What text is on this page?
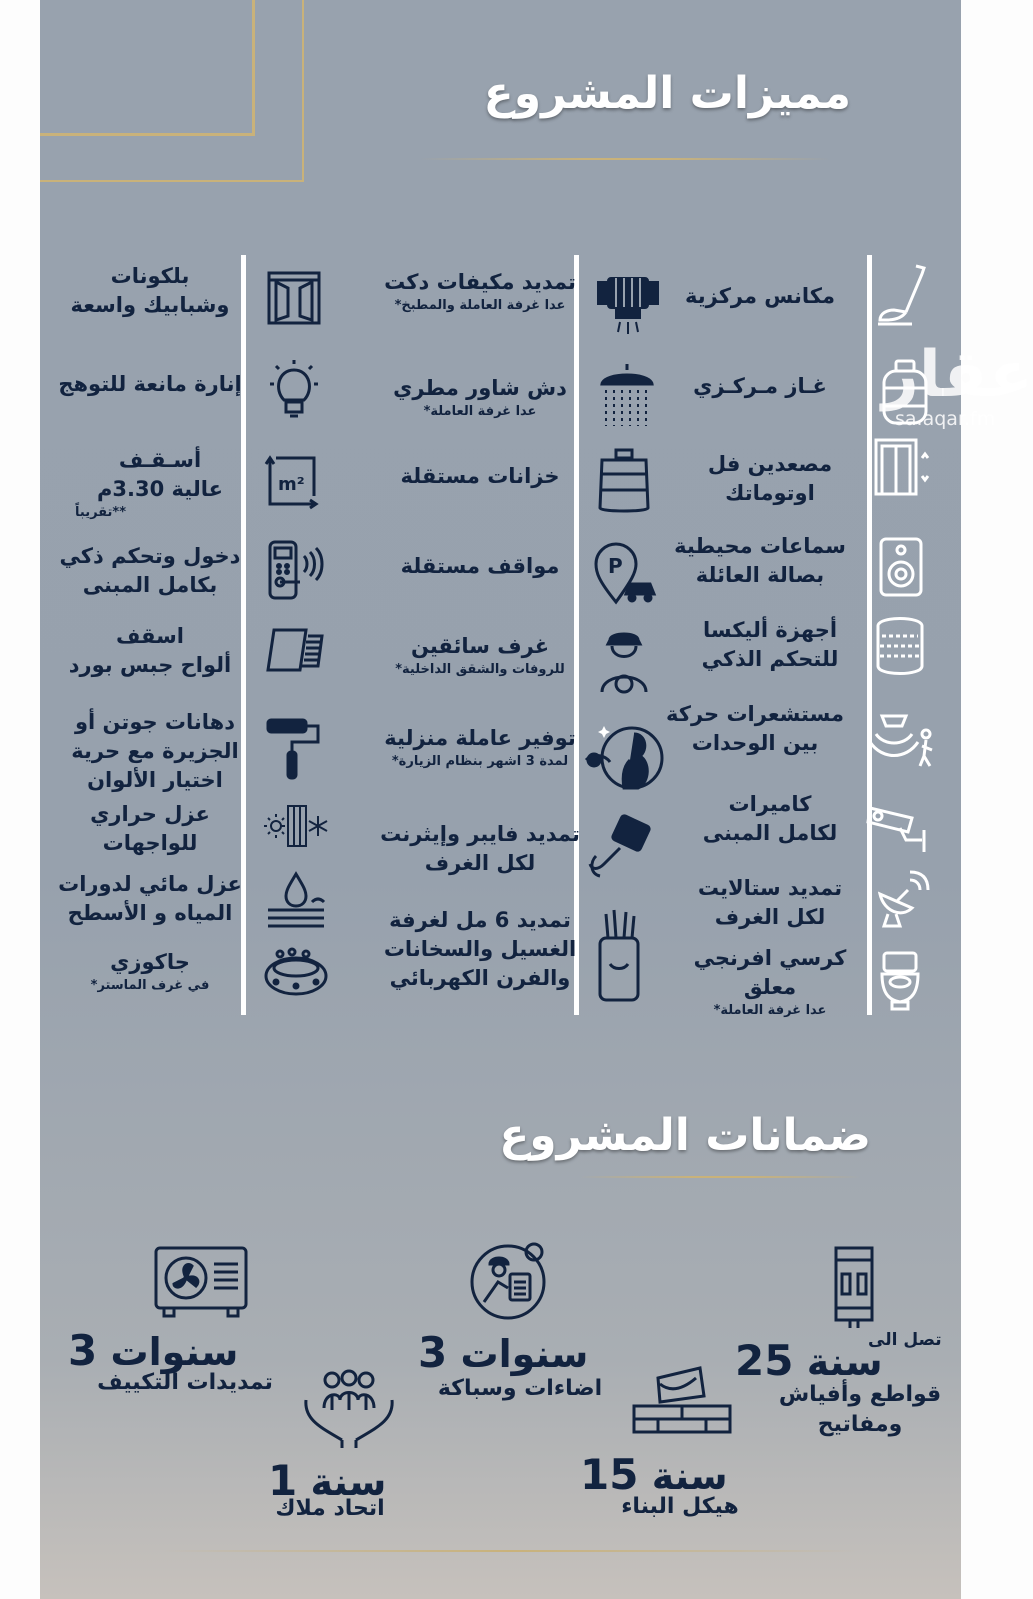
مميزات المشروع
عقار
sa.aqar.fm
مكانس مركزية
غـاز مـركـزي
مصعدين فل
اوتوماتك
سماعات محيطية
بصالة العائلة
أجهزة أليكسا
للتحكم الذكي
مستشعرات حركة
بين الوحدات
كاميرات
لكامل المبنى
تمديد ستالايت
لكل الغرف
كرسي افرنجي
معلق
عدا غرفة العاملة*
تمديد مكيفات دكت
عدا غرفة العاملة والمطبخ*
دش شاور مطري
عدا غرفة العاملة*
خزانات مستقلة
P
مواقف مستقلة
غرف سائقين
للروفات والشقق الداخلية*
توفير عاملة منزلية
لمدة 3 اشهر بنظام الزيارة*
تمديد فايبر وإيثرنت
لكل الغرف
تمديد 6 مل لغرفة
الغسيل والسخانات
والفرن الكهربائي
بلكونات
وشبابيك واسعة
إنارة مانعة للتوهج
m²
أسـقـف
عالية 3.30م
**تقريباً
دخول وتحكم ذكي
بكامل المبنى
اسقف
ألواح جبس بورد
دهانات جوتن أو
الجزيرة مع حرية
اختيار الألوان
عزل حراري
للواجهات
عزل مائي لدورات
المياه و الأسطح
جاكوزي
في غرف الماستر*
ضمانات المشروع
تصل الى
سنة 25
قواطع وأفياش
ومفاتيح
سنوات 3
اضاءات وسباكة
سنوات 3
تمديدات التكييف
سنة 15
هيكل البناء
سنة 1
اتحاد ملاك
